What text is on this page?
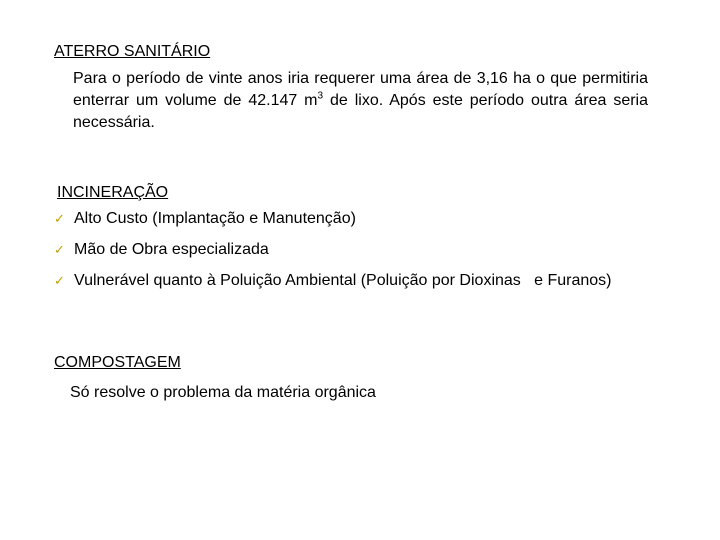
ATERRO SANITÁRIO
Para o período de vinte anos iria requerer uma área de 3,16 ha o que permitiria enterrar um volume de 42.147 $m^3$ de lixo. Após este período outra área seria necessária.
INCINERAÇÃO
✓ Alto Custo (Implantação e Manutenção)
✓ Mão de Obra especializada
✓ Vulnerável quanto à Poluição Ambiental (Poluição por Dioxinas   e Furanos)
COMPOSTAGEM
Só resolve o problema da matéria orgânica
